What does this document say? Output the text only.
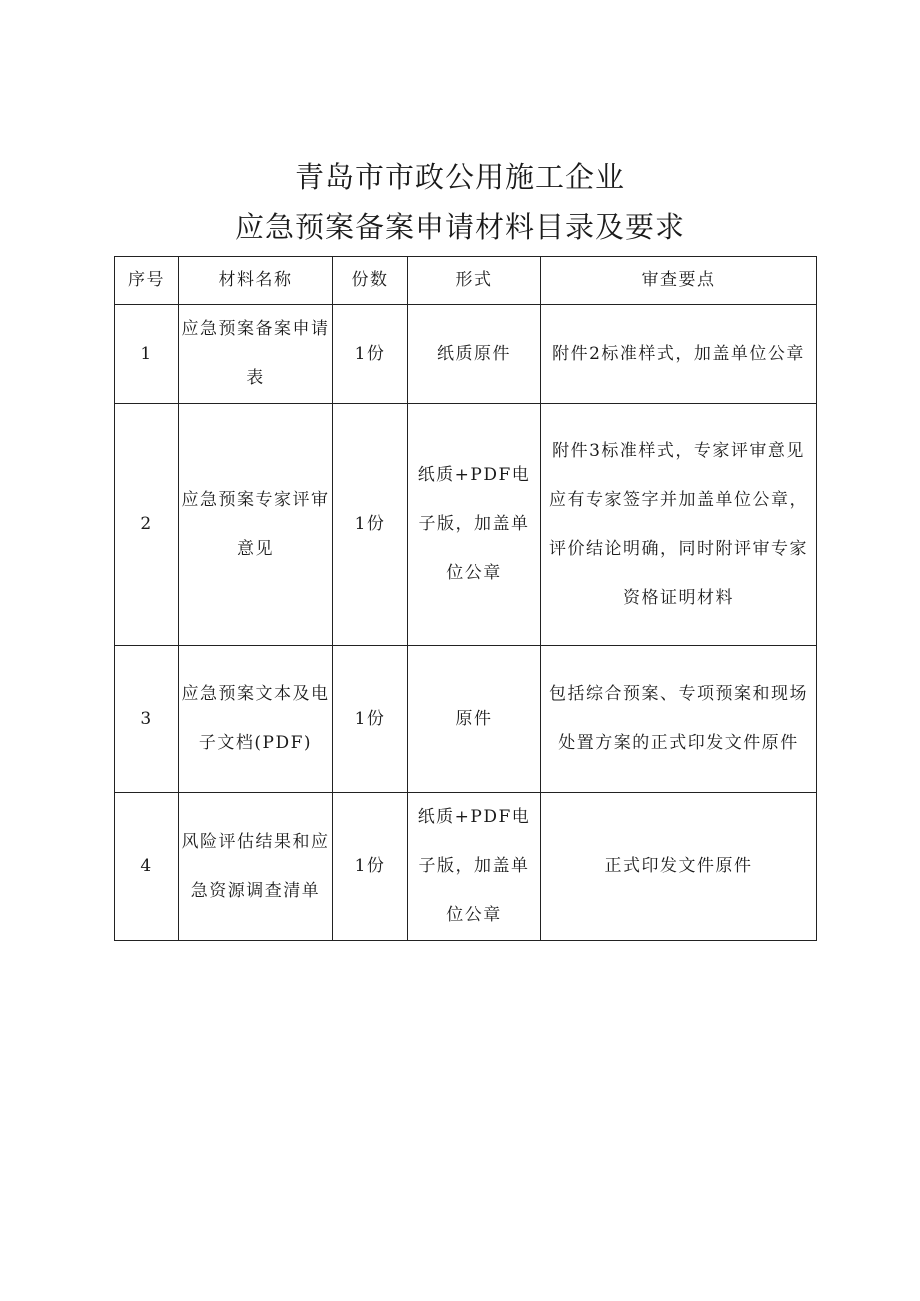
青岛市市政公用施工企业
应急预案备案申请材料目录及要求
序号	材料名称	份数	形式	审查要点
1	应急预案备案申请表	1份	纸质原件	附件2标准样式，加盖单位公章
2	应急预案专家评审意见	1份	纸质+PDF电子版，加盖单位公章	附件3标准样式，专家评审意见应有专家签字并加盖单位公章，评价结论明确，同时附评审专家资格证明材料
3	应急预案文本及电子文档(PDF)	1份	原件	包括综合预案、专项预案和现场处置方案的正式印发文件原件
4	风险评估结果和应急资源调查清单	1份	纸质+PDF电子版，加盖单位公章	正式印发文件原件
